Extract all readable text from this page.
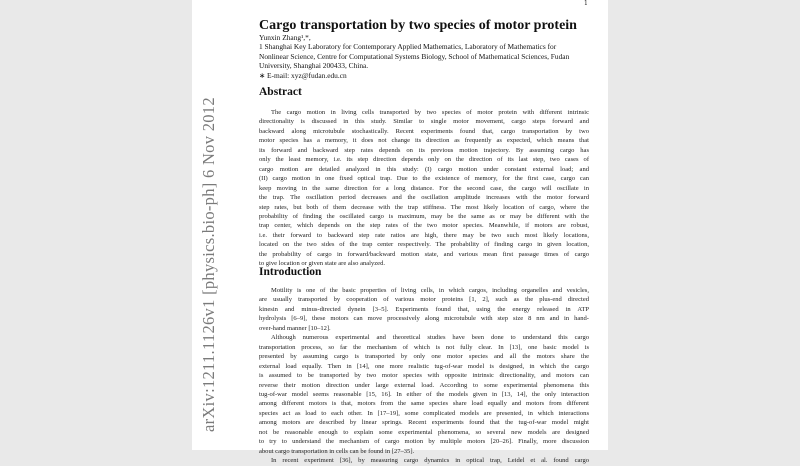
1
arXiv:1211.1126v1 [physics.bio-ph] 6 Nov 2012
Cargo transportation by two species of motor protein
Yunxin Zhang¹,*,
1 Shanghai Key Laboratory for Contemporary Applied Mathematics, Laboratory of Mathematics for
Nonlinear Science, Centre for Computational Systems Biology, School of Mathematical Sciences, Fudan
University, Shanghai 200433, China.
∗ E-mail: xyz@fudan.edu.cn
Abstract
The cargo motion in living cells transported by two species of motor protein with different intrinsic
directionality is discussed in this study. Similar to single motor movement, cargo steps forward and
backward along microtubule stochastically. Recent experiments found that, cargo transportation by two
motor species has a memory, it does not change its direction as frequently as expected, which means that
its forward and backward step rates depends on its previous motion trajectory. By assuming cargo has
only the least memory, i.e. its step direction depends only on the direction of its last step, two cases of
cargo motion are detailed analyzed in this study: (I) cargo motion under constant external load; and
(II) cargo motion in one fixed optical trap. Due to the existence of memory, for the first case, cargo can
keep moving in the same direction for a long distance. For the second case, the cargo will oscillate in
the trap. The oscillation period decreases and the oscillation amplitude increases with the motor forward
step rates, but both of them decrease with the trap stiffness. The most likely location of cargo, where the
probability of finding the oscillated cargo is maximum, may be the same as or may be different with the
trap center, which depends on the step rates of the two motor species. Meanwhile, if motors are robust,
i.e. their forward to backward step rate ratios are high, there may be two such most likely locations,
located on the two sides of the trap center respectively. The probability of finding cargo in given location,
the probability of cargo in forward/backward motion state, and various mean first passage times of cargo
to give location or given state are also analyzed.
Introduction
Motility is one of the basic properties of living cells, in which cargos, including organelles and vesicles,
are usually transported by cooperation of various motor proteins [1, 2], such as the plus-end directed
kinesin and minus-directed dynein [3–5]. Experiments found that, using the energy released in ATP
hydrolysis [6–9], these motors can move processively along microtubule with step size 8 nm and in hand-
over-hand manner [10–12].
Although numerous experimental and theoretical studies have been done to understand this cargo
transportation process, so far the mechanism of which is not fully clear. In [13], one basic model is
presented by assuming cargo is transported by only one motor species and all the motors share the
external load equally. Then in [14], one more realistic tug-of-war model is designed, in which the cargo
is assumed to be transported by two motor species with opposite intrinsic directionality, and motors can
reverse their motion direction under large external load. According to some experimental phenomena this
tug-of-war model seems reasonable [15, 16]. In either of the models given in [13, 14], the only interaction
among different motors is that, motors from the same species share load equally and motors from different
species act as load to each other. In [17–19], some complicated models are presented, in which interactions
among motors are described by linear springs. Recent experiments found that the tug-of-war model might
not be reasonable enough to explain some experimental phenomena, so several new models are designed
to try to understand the mechanism of cargo motion by multiple motors [20–26]. Finally, more discussion
about cargo transportation in cells can be found in [27–35].
In recent experiment [36], by measuring cargo dynamics in optical trap, Leidel et al. found cargo
